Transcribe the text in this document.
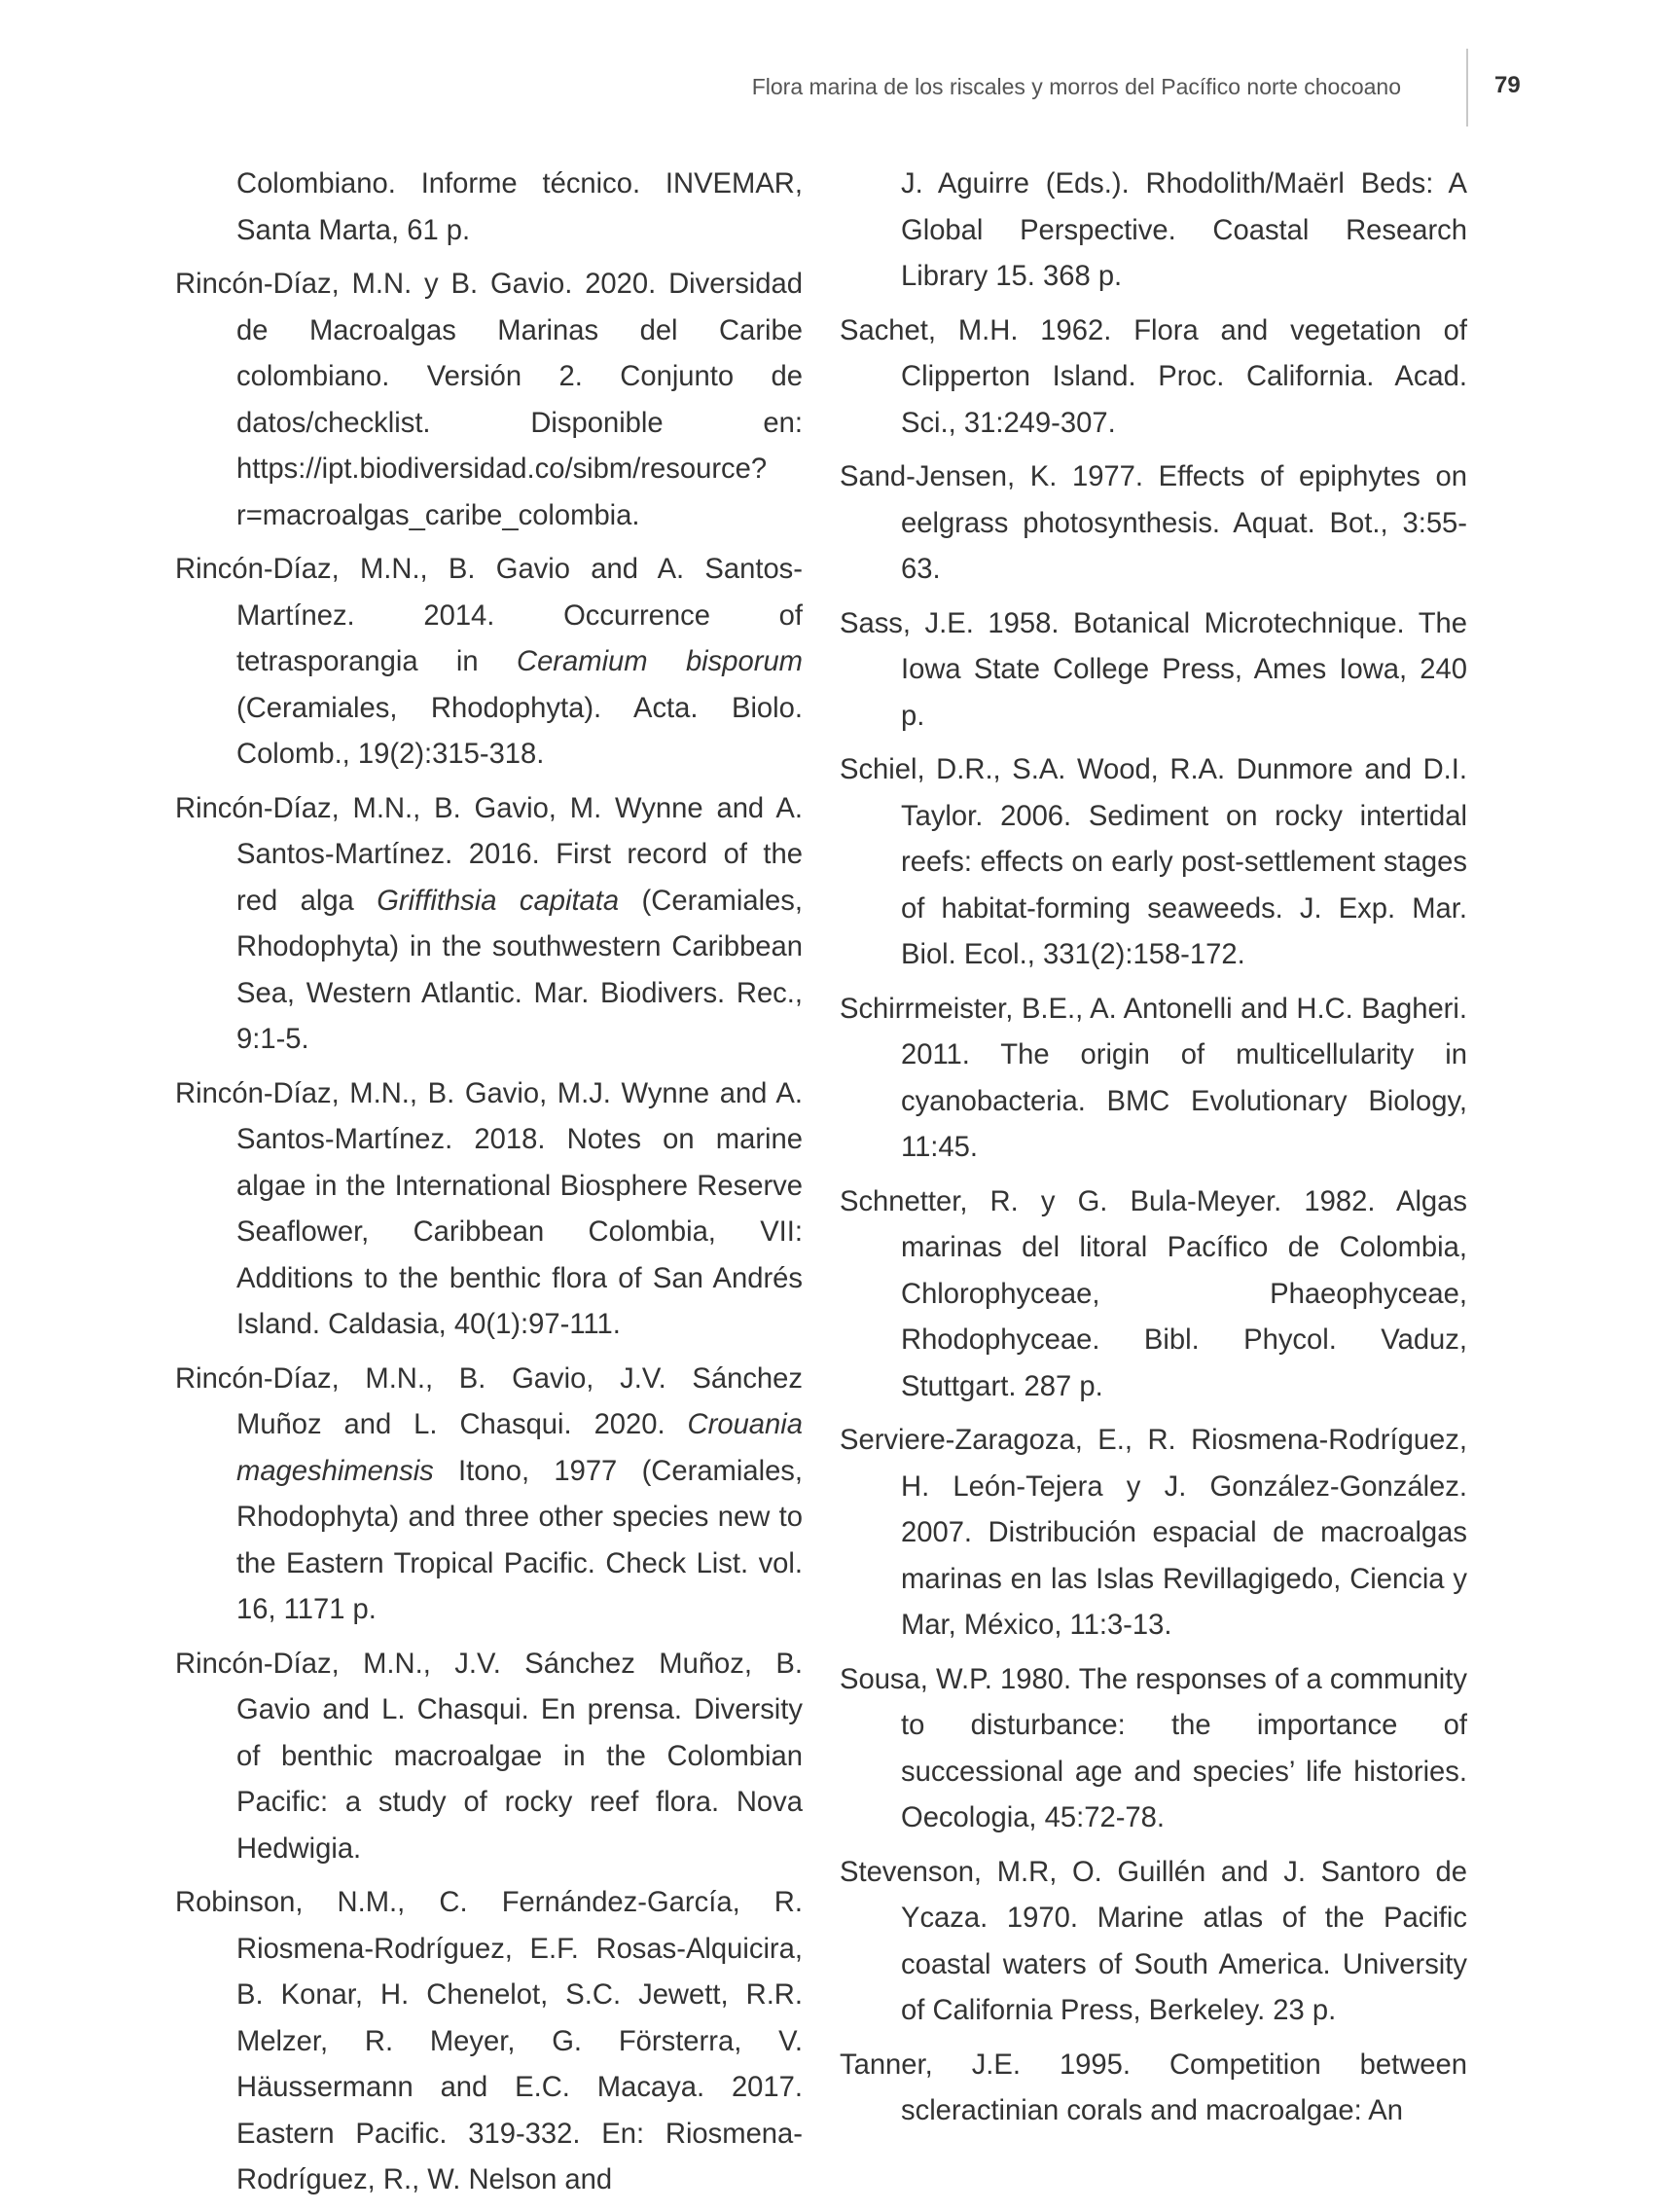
Flora marina de los riscales y morros del Pacífico norte chocoano	79

Colombiano. Informe técnico. INVEMAR, Santa Marta, 61 p.

Rincón-Díaz, M.N. y B. Gavio. 2020. Diversidad de Macroalgas Marinas del Caribe colombiano. Versión 2. Conjunto de datos/checklist. Disponible en: https://ipt.biodiversidad.co/sibm/resource?r=macroalgas_caribe_colombia.

Rincón-Díaz, M.N., B. Gavio and A. Santos-Martínez. 2014. Occurrence of tetrasporangia in Ceramium bisporum (Ceramiales, Rhodophyta). Acta. Biolo. Colomb., 19(2):315-318.

Rincón-Díaz, M.N., B. Gavio, M. Wynne and A. Santos-Martínez. 2016. First record of the red alga Griffithsia capitata (Ceramiales, Rhodophyta) in the southwestern Caribbean Sea, Western Atlantic. Mar. Biodivers. Rec., 9:1-5.

Rincón-Díaz, M.N., B. Gavio, M.J. Wynne and A. Santos-Martínez. 2018. Notes on marine algae in the International Biosphere Reserve Seaflower, Caribbean Colombia, VII: Additions to the benthic flora of San Andrés Island. Caldasia, 40(1):97-111.

Rincón-Díaz, M.N., B. Gavio, J.V. Sánchez Muñoz and L. Chasqui. 2020. Crouania mageshimensis Itono, 1977 (Ceramiales, Rhodophyta) and three other species new to the Eastern Tropical Pacific. Check List. vol. 16, 1171 p.

Rincón-Díaz, M.N., J.V. Sánchez Muñoz, B. Gavio and L. Chasqui. En prensa. Diversity of benthic macroalgae in the Colombian Pacific: a study of rocky reef flora. Nova Hedwigia.

Robinson, N.M., C. Fernández-García, R. Riosmena-Rodríguez, E.F. Rosas-Alquicira, B. Konar, H. Chenelot, S.C. Jewett, R.R. Melzer, R. Meyer, G. Försterra, V. Häussermann and E.C. Macaya. 2017. Eastern Pacific. 319-332. En: Riosmena-Rodríguez, R., W. Nelson and

J. Aguirre (Eds.). Rhodolith/Maërl Beds: A Global Perspective. Coastal Research Library 15. 368 p.

Sachet, M.H. 1962. Flora and vegetation of Clipperton Island. Proc. California. Acad. Sci., 31:249-307.

Sand-Jensen, K. 1977. Effects of epiphytes on eelgrass photosynthesis. Aquat. Bot., 3:55-63.

Sass, J.E. 1958. Botanical Microtechnique. The Iowa State College Press, Ames Iowa, 240 p.

Schiel, D.R., S.A. Wood, R.A. Dunmore and D.I. Taylor. 2006. Sediment on rocky intertidal reefs: effects on early post-settlement stages of habitat-forming seaweeds. J. Exp. Mar. Biol. Ecol., 331(2):158-172.

Schirrmeister, B.E., A. Antonelli and H.C. Bagheri. 2011. The origin of multicellularity in cyanobacteria. BMC Evolutionary Biology, 11:45.

Schnetter, R. y G. Bula-Meyer. 1982. Algas marinas del litoral Pacífico de Colombia, Chlorophyceae, Phaeophyceae, Rhodophyceae. Bibl. Phycol. Vaduz, Stuttgart. 287 p.

Serviere-Zaragoza, E., R. Riosmena-Rodríguez, H. León-Tejera y J. González-González. 2007. Distribución espacial de macroalgas marinas en las Islas Revillagigedo, Ciencia y Mar, México, 11:3-13.

Sousa, W.P. 1980. The responses of a community to disturbance: the importance of successional age and species’ life histories. Oecologia, 45:72-78.

Stevenson, M.R, O. Guillén and J. Santoro de Ycaza. 1970. Marine atlas of the Pacific coastal waters of South America. University of California Press, Berkeley. 23 p.

Tanner, J.E. 1995. Competition between scleractinian corals and macroalgae: An
